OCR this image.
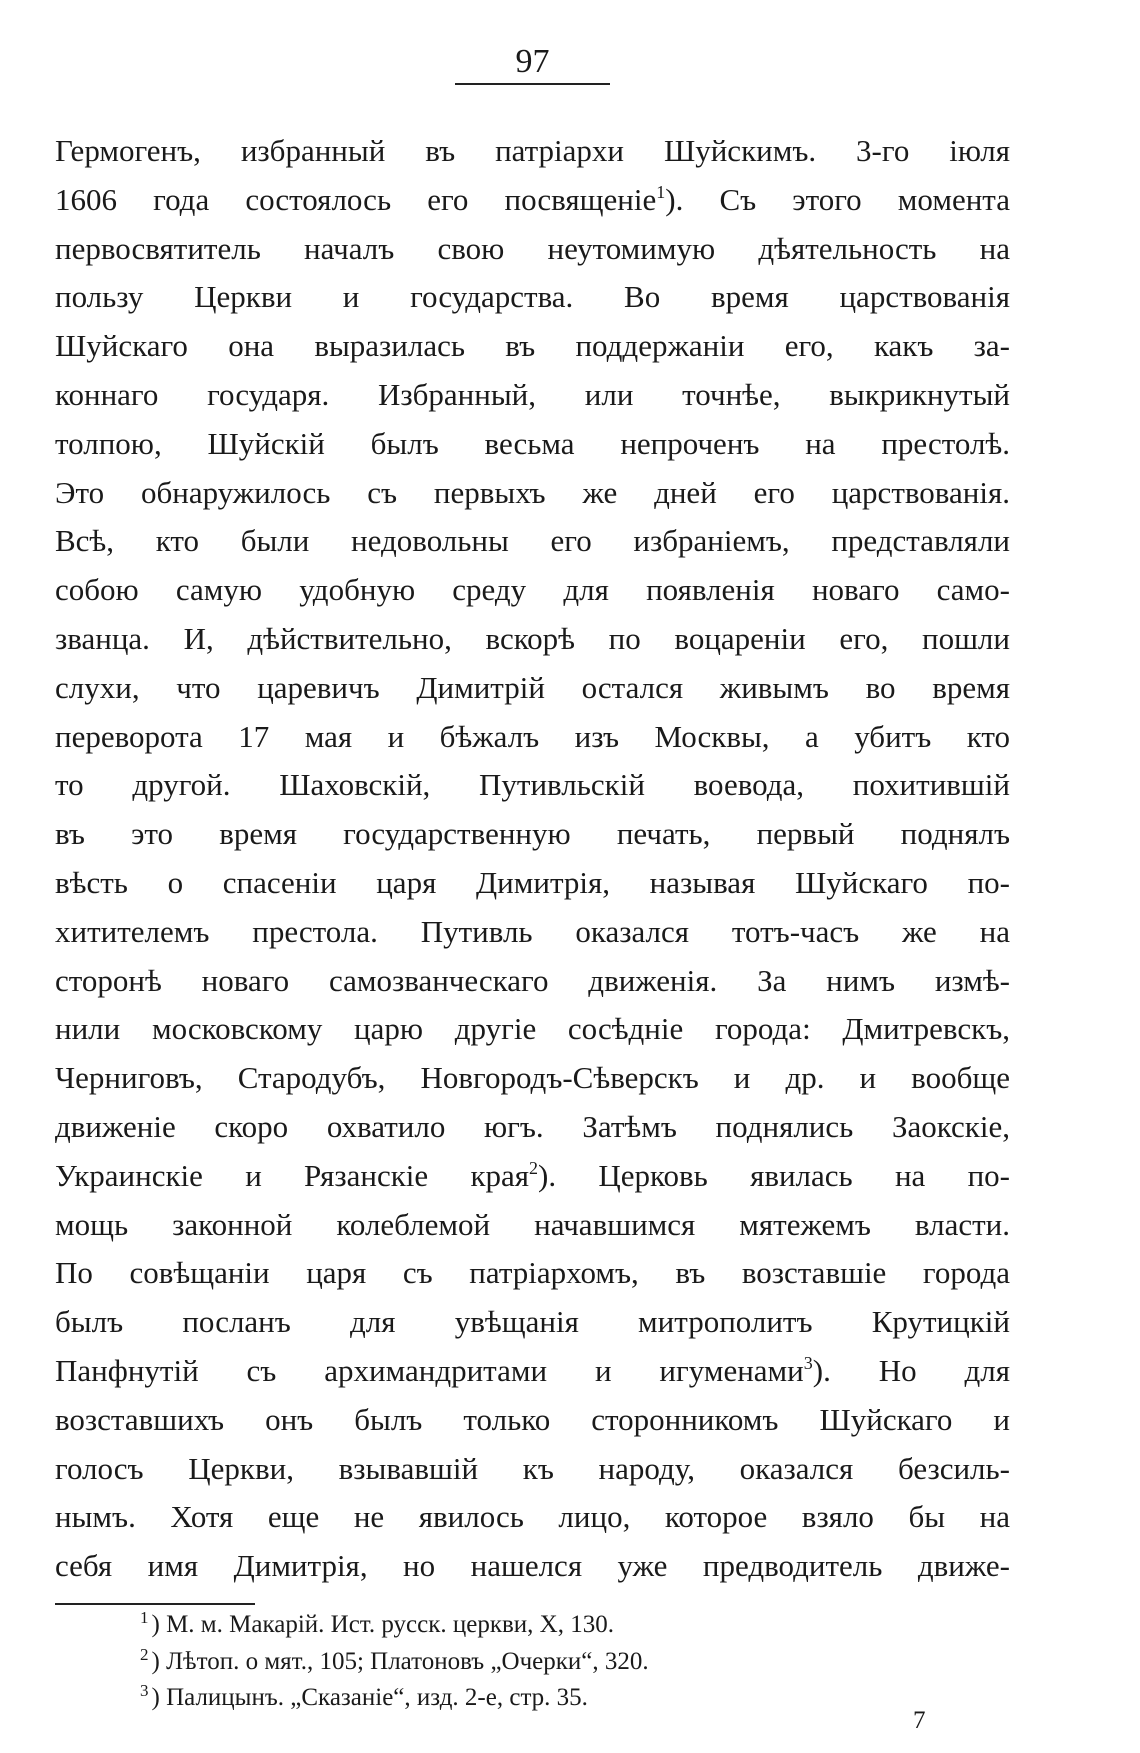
97
Гермогенъ, избранный въ патріархи Шуйскимъ. 3-го іюля
1606 года состоялось его посвященіе$^1$). Съ этого момента
первосвятитель началъ свою неутомимую дѣятельность на
пользу Церкви и государства. Во время царствованія
Шуйскаго она выразилась въ поддержаніи его, какъ за-
коннаго государя. Избранный, или точнѣе, выкрикнутый
толпою, Шуйскій былъ весьма непроченъ на престолѣ.
Это обнаружилось съ первыхъ же дней его царствованія.
Всѣ, кто были недовольны его избраніемъ, представляли
собою самую удобную среду для появленія новаго само-
званца. И, дѣйствительно, вскорѣ по воцареніи его, пошли
слухи, что царевичъ Димитрій остался живымъ во время
переворота 17 мая и бѣжалъ изъ Москвы, а убитъ кто
то другой. Шаховскій, Путивльскій воевода, похитившій
въ это время государственную печать, первый поднялъ
вѣсть о спасеніи царя Димитрія, называя Шуйскаго по-
хитителемъ престола. Путивль оказался тотъ-часъ же на
сторонѣ новаго самозванческаго движенія. За нимъ измѣ-
нили московскому царю другіе сосѣдніе города: Дмитревскъ,
Черниговъ, Стародубъ, Новгородъ-Сѣверскъ и др. и вообще
движеніе скоро охватило югъ. Затѣмъ поднялись Заокскіе,
Украинскіе и Рязанскіе края$^2$). Церковь явилась на по-
мощь законной колеблемой начавшимся мятежемъ власти.
По совѣщаніи царя съ патріархомъ, въ возставшіе города
былъ посланъ для увѣщанія митрополитъ Крутицкій
Панфнутій съ архимандритами и игуменами$^3$). Но для
возставшихъ онъ былъ только сторонникомъ Шуйскаго и
голосъ Церкви, взывавшій къ народу, оказался безсиль-
нымъ. Хотя еще не явилось лицо, которое взяло бы на
себя имя Димитрія, но нашелся уже предводитель движе-
$^1$ ) М. м. Макарій. Ист. русск. церкви, X, 130.
$^2$ ) Лѣтоп. о мят., 105; Платоновъ „Очерки“, 320.
$^3$ ) Палицынъ. „Сказаніе“, изд. 2-е, стр. 35.
7
